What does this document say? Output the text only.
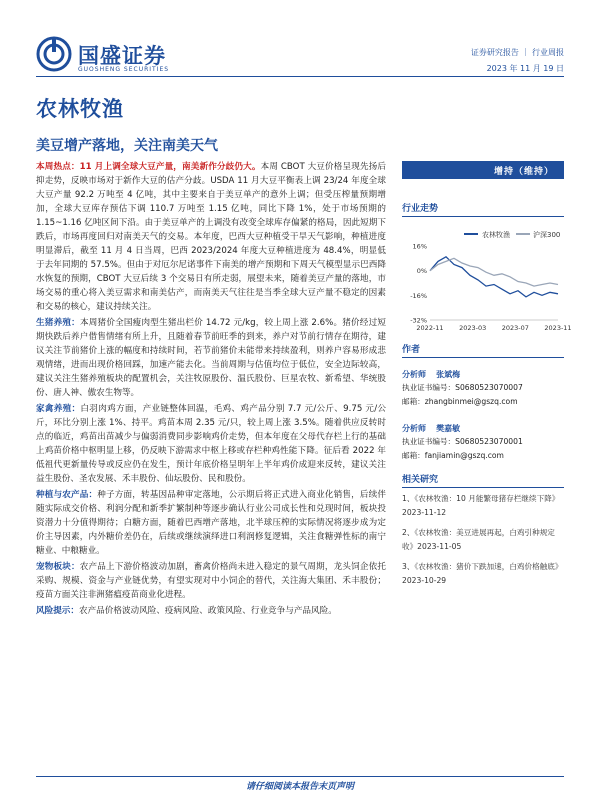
国盛证券
GUOSHENG SECURITIES
证券研究报告 ｜ 行业周报
2023 年 11 月 19 日
农林牧渔
美豆增产落地，关注南美天气

本周热点：11 月上调全球大豆产量，南美新作分歧仍大。本周 CBOT 大豆价格呈现先扬后抑走势，反映市场对于新作大豆的估产分歧。USDA 11 月大豆平衡表上调 23/24 年度全球大豆产量 92.2 万吨至 4 亿吨，其中主要来自于美豆单产的意外上调；但受压榨量预期增加，全球大豆库存预估下调 110.7 万吨至 1.15 亿吨，同比下降 1%，处于市场预期的 1.15~1.16 亿吨区间下沿。由于美豆单产的上调没有改变全球库存偏紧的格局，因此短期下跌后，市场再度回归对南美天气的交易。本年度，巴西大豆种植受干旱天气影响，种植进度明显滞后，截至 11 月 4 日当周，巴西 2023/2024 年度大豆种植进度为 48.4%，明显低于去年同期的 57.5%。但由于对厄尔尼诺事件下南美的增产预期和下周天气模型显示巴西降水恢复的预期，CBOT 大豆后续 3 个交易日有所走弱，展望未来，随着美豆产量的落地，市场交易的重心将入美豆需求和南美估产，而南美天气往往是当季全球大豆产量不稳定的因素和交易的核心，建议持续关注。

生猪养殖：本周猪价全国瘦肉型生猪出栏价 14.72 元/kg，较上周上涨 2.6%。猪价经过短期快跌后养户借售情绪有所上升，且随着春节前旺季的到来，养户对节前行情存在期待，建议关注节前猪价上涨的幅度和持续时间，若节前猪价未能带来持续盈利，则养户容易形成悲观情绪，进而出现价格回踩，加速产能去化。当前周期与估值均位于低位，安全边际较高，建议关注生猪养殖板块的配置机会，关注牧原股份、温氏股份、巨星农牧、新希望、华统股份、唐人神、傲农生物等。

家禽养殖：白羽肉鸡方面，产业链整体回温，毛鸡、鸡产品分别 7.7 元/公斤、9.75 元/公斤，环比分别上涨 1%、持平。鸡苗本周 2.35 元/只，较上周上涨 3.5%。随着供应反转时点的临近，鸡苗出苗减少与偏弱消费同步影响鸡价走势，但本年度在父母代存栏上行的基础上鸡苗价格中枢明显上移，仍反映下游需求中枢上移或存栏种鸡性能下降。征后看 2022 年低祖代更新量传导或反应仍在发生，预计年底价格呈明年上半年鸡价成迎来反转，建议关注益生股份、圣农发展、禾丰股份、仙坛股份、民和股份。

种植与农产品：种子方面，转基因品种审定落地，公示期后将正式进入商业化销售，后续伴随实际成交价格、利润分配和新季扩繁制种等逐步确认行业公司成长性和兑现时间，板块投资潜力十分值得期待；白糖方面，随着巴西增产落地，北半球压榨的实际情况将逐步成为定价主导因素，内外糖价差仍在，后续或继续演绎进口利润修复逻辑，关注食糖弹性标的南宁糖业、中粮糖业。

宠物板块：农产品上下游价格波动加剧，畜禽价格尚未进入稳定的景气周期，龙头饲企依托采购、规模、资金与产业链优势，有望实现对中小饲企的替代，关注海大集团、禾丰股份；疫苗方面关注非洲猪瘟疫苗商业化进程。

风险提示：农产品价格波动风险、疫病风险、政策风险、行业竞争与产品风险。

增持（维持）
行业走势
农林牧渔	沪深300
16%
0%
-16%
-32%
2022-11 2023-03 2023-07 2023-11
作者
分析师 张斌梅
执业证书编号：S0680523070007
邮箱：zhangbinmei@gszq.com
分析师 樊嘉敏
执业证书编号：S0680523070001
邮箱：fanjiamin@gszq.com
相关研究
1、《农林牧渔：10 月能繁母猪存栏继续下降》2023-11-12
2、《农林牧渔：美豆进展再起，白鸡引种规定收》2023-11-05
3、《农林牧渔：猪价下跌加速，白鸡价格触底》2023-10-29
请仔细阅读本报告末页声明
